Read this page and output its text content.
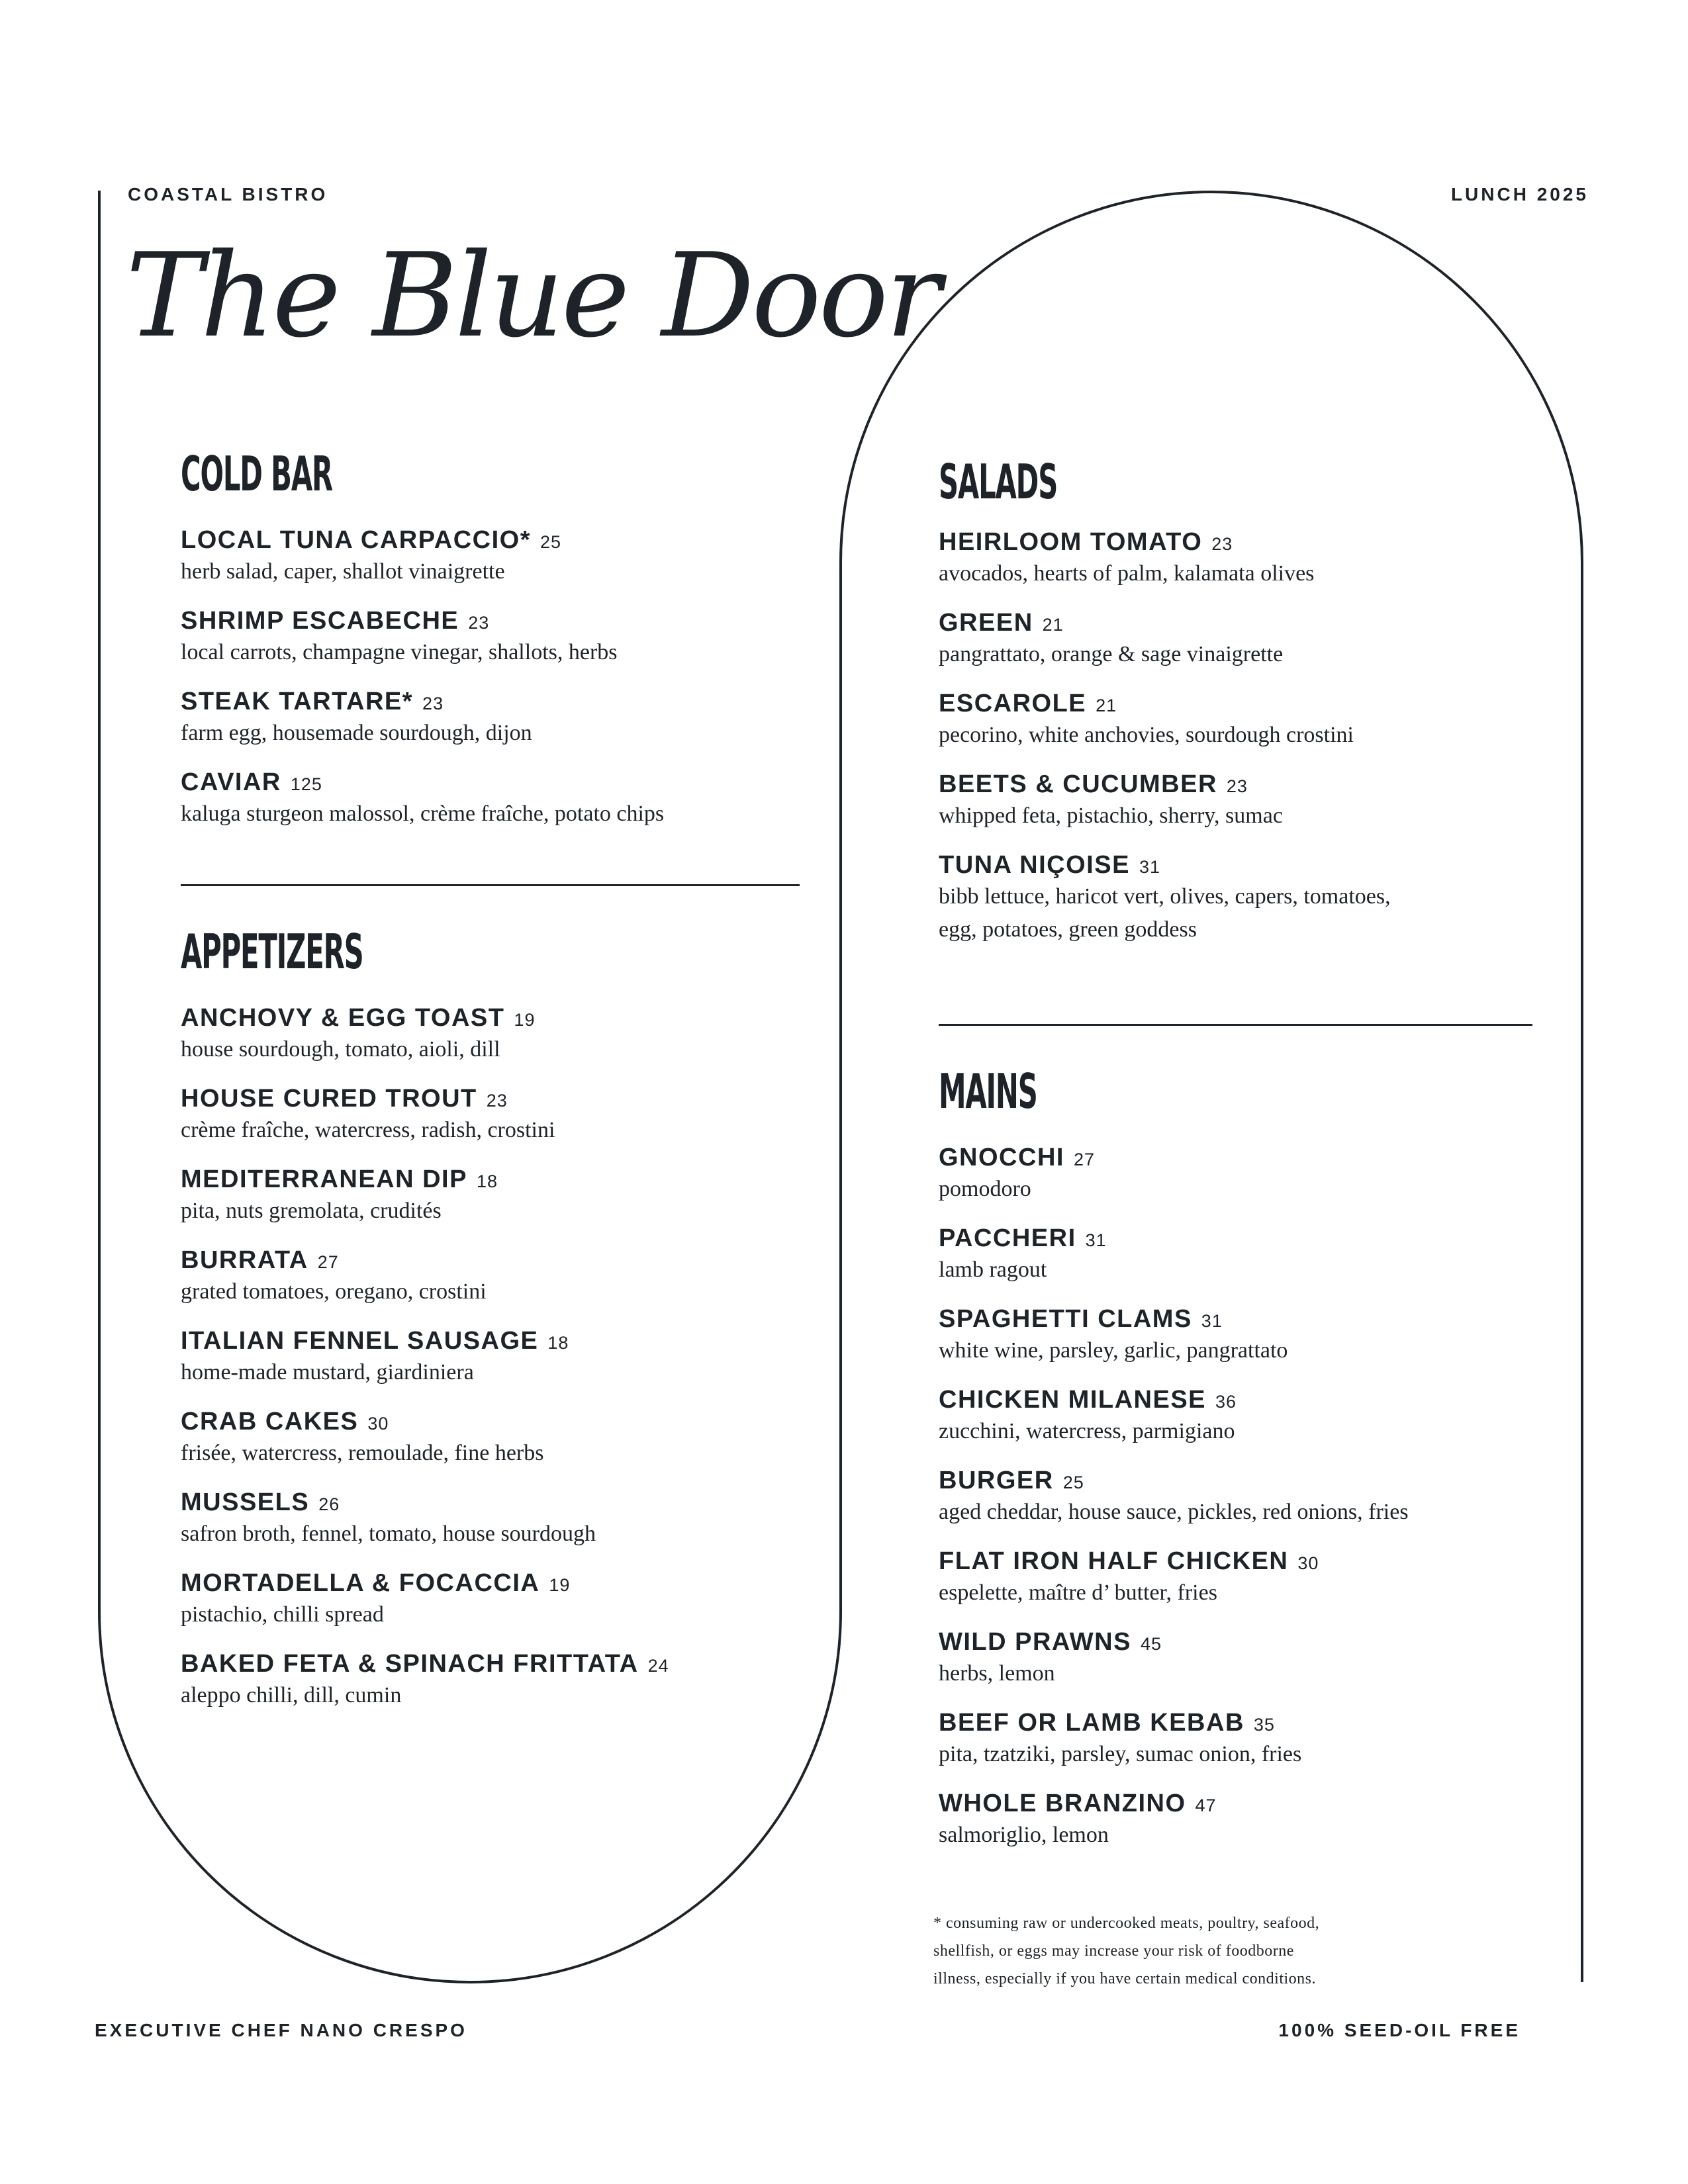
COASTAL BISTRO	LUNCH 2025
The Blue Door
COLD BAR
LOCAL TUNA CARPACCIO* 25
herb salad, caper, shallot vinaigrette
SHRIMP ESCABECHE 23
local carrots, champagne vinegar, shallots, herbs
STEAK TARTARE* 23
farm egg, housemade sourdough, dijon
CAVIAR 125
kaluga sturgeon malossol, crème fraîche, potato chips
APPETIZERS
ANCHOVY & EGG TOAST 19
house sourdough, tomato, aioli, dill
HOUSE CURED TROUT 23
crème fraîche, watercress, radish, crostini
MEDITERRANEAN DIP 18
pita, nuts gremolata, crudités
BURRATA 27
grated tomatoes, oregano, crostini
ITALIAN FENNEL SAUSAGE 18
home-made mustard, giardiniera
CRAB CAKES 30
frisée, watercress, remoulade, fine herbs
MUSSELS 26
safron broth, fennel, tomato, house sourdough
MORTADELLA & FOCACCIA 19
pistachio, chilli spread
BAKED FETA & SPINACH FRITTATA 24
aleppo chilli, dill, cumin
SALADS
HEIRLOOM TOMATO 23
avocados, hearts of palm, kalamata olives
GREEN 21
pangrattato, orange & sage vinaigrette
ESCAROLE 21
pecorino, white anchovies, sourdough crostini
BEETS & CUCUMBER 23
whipped feta, pistachio, sherry, sumac
TUNA NIÇOISE 31
bibb lettuce, haricot vert, olives, capers, tomatoes,
egg, potatoes, green goddess
MAINS
GNOCCHI 27
pomodoro
PACCHERI 31
lamb ragout
SPAGHETTI CLAMS 31
white wine, parsley, garlic, pangrattato
CHICKEN MILANESE 36
zucchini, watercress, parmigiano
BURGER 25
aged cheddar, house sauce, pickles, red onions, fries
FLAT IRON HALF CHICKEN 30
espelette, maître d’ butter, fries
WILD PRAWNS 45
herbs, lemon
BEEF OR LAMB KEBAB 35
pita, tzatziki, parsley, sumac onion, fries
WHOLE BRANZINO 47
salmoriglio, lemon
* consuming raw or undercooked meats, poultry, seafood,
shellfish, or eggs may increase your risk of foodborne
illness, especially if you have certain medical conditions.
EXECUTIVE CHEF NANO CRESPO	100% SEED-OIL FREE
